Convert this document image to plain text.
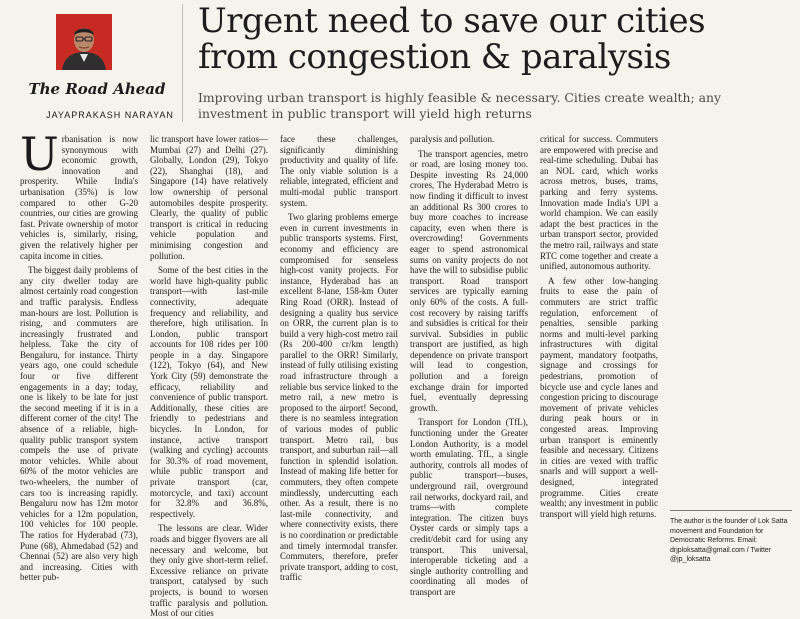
The Road Ahead
JAYAPRAKASH NARAYAN
Urgent need to save our cities from congestion & paralysis
Improving urban transport is highly feasible & necessary. Cities create wealth; any investment in public transport will yield high returns

Urbanisation is now synonymous with economic growth, innovation and prosperity. While India's urbanisation (35%) is low compared to other G-20 countries, our cities are growing fast. Private ownership of motor vehicles is, similarly, rising, given the relatively higher per capita income in cities.

The biggest daily problems of any city dweller today are almost certainly road congestion and traffic paralysis. Endless man-hours are lost. Pollution is rising, and commuters are increasingly frustrated and helpless. Take the city of Bengaluru, for instance. Thirty years ago, one could schedule four or five different engagements in a day; today, one is likely to be late for just the second meeting if it is in a different corner of the city! The absence of a reliable, high-quality public transport system compels the use of private motor vehicles. While about 60% of the motor vehicles are two-wheelers, the number of cars too is increasing rapidly. Bengaluru now has 12m motor vehicles for a 12m population, 100 vehicles for 100 people. The ratios for Hyderabad (73), Pune (68), Ahmedabad (52) and Chennai (52) are also very high and increasing. Cities with better pub-

lic transport have lower ratios—Mumbai (27) and Delhi (27). Globally, London (29), Tokyo (22), Shanghai (18), and Singapore (14) have relatively low ownership of personal automobiles despite prosperity. Clearly, the quality of public transport is critical in reducing vehicle population and minimising congestion and pollution.

Some of the best cities in the world have high-quality public transport—with last-mile connectivity, adequate frequency and reliability, and therefore, high utilisation. In London, public transport accounts for 108 rides per 100 people in a day. Singapore (122), Tokyo (64), and New York City (59) demonstrate the efficacy, reliability and convenience of public transport. Additionally, these cities are friendly to pedestrians and bicycles. In London, for instance, active transport (walking and cycling) accounts for 30.3% of road movement, while public transport and private transport (car, motorcycle, and taxi) account for 32.8% and 36.8%, respectively.

The lessons are clear. Wider roads and bigger flyovers are all necessary and welcome, but they only give short-term relief. Excessive reliance on private transport, catalysed by such projects, is bound to worsen traffic paralysis and pollution. Most of our cities

face these challenges, significantly diminishing productivity and quality of life. The only viable solution is a reliable, integrated, efficient and multi-modal public transport system.

Two glaring problems emerge even in current investments in public transports systems. First, economy and efficiency are compromised for senseless high-cost vanity projects. For instance, Hyderabad has an excellent 8-lane, 158-km Outer Ring Road (ORR). Instead of designing a quality bus service on ORR, the current plan is to build a very high-cost metro rail (Rs 200-400 cr/km length) parallel to the ORR! Similarly, instead of fully utilising existing road infrastructure through a reliable bus service linked to the metro rail, a new metro is proposed to the airport! Second, there is no seamless integration of various modes of public transport. Metro rail, bus transport, and suburban rail—all function in splendid isolation. Instead of making life better for commuters, they often compete mindlessly, undercutting each other. As a result, there is no last-mile connectivity, and where connectivity exists, there is no coordination or predictable and timely intermodal transfer. Commuters, therefore, prefer private transport, adding to cost, traffic

paralysis and pollution.

The transport agencies, metro or road, are losing money too. Despite investing Rs 24,000 crores, The Hyderabad Metro is now finding it difficult to invest an additional Rs 300 crores to buy more coaches to increase capacity, even when there is overcrowding! Governments eager to spend astronomical sums on vanity projects do not have the will to subsidise public transport. Road transport services are typically earning only 60% of the costs. A full-cost recovery by raising tariffs and subsidies is critical for their survival. Subsidies in public transport are justified, as high dependence on private transport will lead to congestion, pollution and a foreign exchange drain for imported fuel, eventually depressing growth.

Transport for London (TfL), functioning under the Greater London Authority, is a model worth emulating. TfL, a single authority, controls all modes of public transport—buses, underground rail, overground rail networks, dockyard rail, and trams—with complete integration. The citizen buys Oyster cards or simply taps a credit/debit card for using any transport. This universal, interoperable ticketing and a single authority controlling and coordinating all modes of transport are

critical for success. Commuters are empowered with precise and real-time scheduling. Dubai has an NOL card, which works across metros, buses, trams, parking and ferry systems. Innovation made India's UPI a world champion. We can easily adapt the best practices in the urban transport sector, provided the metro rail, railways and state RTC come together and create a unified, autonomous authority.

A few other low-hanging fruits to ease the pain of commuters are strict traffic regulation, enforcement of penalties, sensible parking norms and multi-level parking infrastructures with digital payment, mandatory footpaths, signage and crossings for pedestrians, promotion of bicycle use and cycle lanes and congestion pricing to discourage movement of private vehicles during peak hours or in congested areas. Improving urban transport is eminently feasible and necessary. Citizens in cities are vexed with traffic snarls and will support a well-designed, integrated programme. Cities create wealth; any investment in public transport will yield high returns.

The author is the founder of Lok Satta movement and Foundation for Democratic Reforms. Email: drjploksatta@gmail.com / Twitter @jp_loksatta
